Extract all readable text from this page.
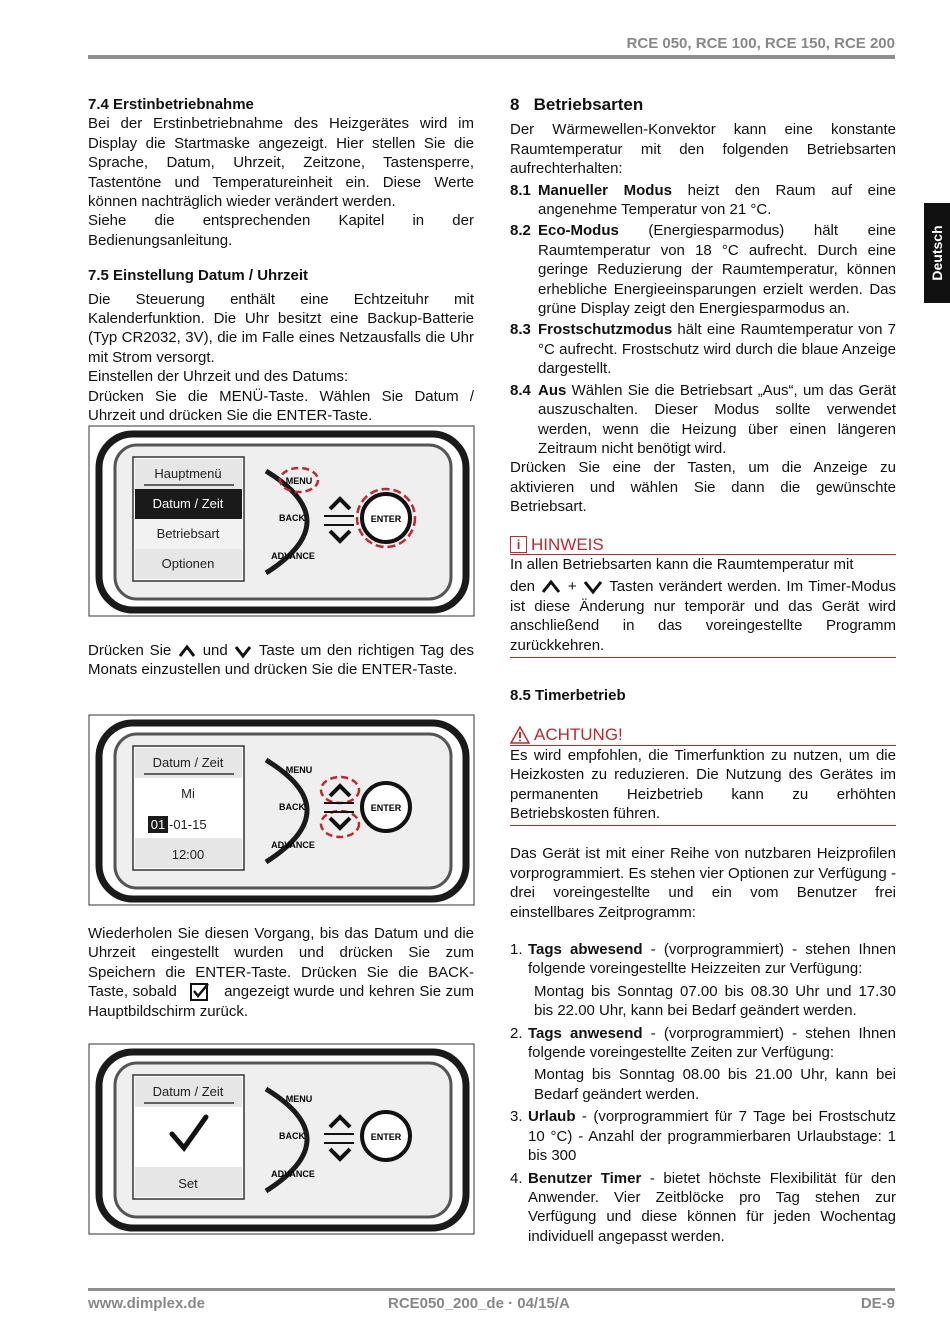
RCE 050, RCE 100, RCE 150, RCE 200
Deutsch

7.4 Erstinbetriebnahme

Bei der Erstinbetriebnahme des Heizgerätes wird im Display die Startmaske angezeigt. Hier stellen Sie die Sprache, Datum, Uhrzeit, Zeitzone, Tastensperre, Tastentöne und Temperatureinheit ein. Diese Werte können nachträglich wieder verändert werden.

Siehe die entsprechenden Kapitel in der Bedienungsanleitung.

7.5 Einstellung Datum / Uhrzeit

Die Steuerung enthält eine Echtzeituhr mit Kalenderfunktion. Die Uhr besitzt eine Backup-Batterie (Typ CR2032, 3V), die im Falle eines Netzausfalls die Uhr mit Strom versorgt.

Einstellen der Uhrzeit und des Datums:

Drücken Sie die MENÜ-Taste. Wählen Sie Datum / Uhrzeit und drücken Sie die ENTER-Taste.

Hauptmenü
Datum / Zeit
Betriebsart
Optionen
MENU
BACK
ADVANCE
ENTER

Drücken Sie und Taste um den richtigen Tag des Monats einzustellen und drücken Sie die ENTER-Taste.

Datum / Zeit
Mi
01 -01-15
12:00
MENU
BACK
ADVANCE
ENTER

Wiederholen Sie diesen Vorgang, bis das Datum und die Uhrzeit eingestellt wurden und drücken Sie zum Speichern die ENTER-Taste. Drücken Sie die BACK-Taste, sobald	angezeigt wurde und kehren Sie zum Hauptbildschirm zurück.

Datum / Zeit
Set
MENU
BACK
ADVANCE
ENTER

8 Betriebsarten

Der Wärmewellen-Konvektor kann eine konstante Raumtemperatur mit den folgenden Betriebsarten aufrechterhalten:

8.1 Manueller Modus heizt den Raum auf eine angenehme Temperatur von 21 °C.
8.2 Eco-Modus (Energiesparmodus) hält eine Raumtemperatur von 18 °C aufrecht. Durch eine geringe Reduzierung der Raumtemperatur, können erhebliche Energieeinsparungen erzielt werden. Das grüne Display zeigt den Energiesparmodus an.
8.3 Frostschutzmodus hält eine Raumtemperatur von 7 °C aufrecht. Frostschutz wird durch die blaue Anzeige dargestellt.
8.4 Aus Wählen Sie die Betriebsart „Aus“, um das Gerät auszuschalten. Dieser Modus sollte verwendet werden, wenn die Heizung über einen längeren Zeitraum nicht benötigt wird.

Drücken Sie eine der Tasten, um die Anzeige zu aktivieren und wählen Sie dann die gewünschte Betriebsart.

i HINWEIS

In allen Betriebsarten kann die Raumtemperatur mit

den + Tasten verändert werden. Im Timer-Modus ist diese Änderung nur temporär und das Gerät wird anschließend in das voreingestellte Programm zurückkehren.

8.5 Timerbetrieb

ACHTUNG!

Es wird empfohlen, die Timerfunktion zu nutzen, um die Heizkosten zu reduzieren. Die Nutzung des Gerätes im permanenten Heizbetrieb kann zu erhöhten Betriebskosten führen.

Das Gerät ist mit einer Reihe von nutzbaren Heizprofilen vorprogrammiert. Es stehen vier Optionen zur Verfügung - drei voreingestellte und ein vom Benutzer frei einstellbares Zeitprogramm:

1. Tags abwesend - (vorprogrammiert) - stehen Ihnen folgende voreingestellte Heizzeiten zur Verfügung:

Montag bis Sonntag 07.00 bis 08.30 Uhr und 17.30 bis 22.00 Uhr, kann bei Bedarf geändert werden.

2. Tags anwesend - (vorprogrammiert) - stehen Ihnen folgende voreingestellte Zeiten zur Verfügung:

Montag bis Sonntag 08.00 bis 21.00 Uhr, kann bei Bedarf geändert werden.

3. Urlaub - (vorprogrammiert für 7 Tage bei Frostschutz 10 °C) - Anzahl der programmierbaren Urlaubstage: 1 bis 300
4. Benutzer Timer - bietet höchste Flexibilität für den Anwender. Vier Zeitblöcke pro Tag stehen zur Verfügung und diese können für jeden Wochentag individuell angepasst werden.
www.dimplex.de	RCE050_200_de · 04/15/A	DE-9
